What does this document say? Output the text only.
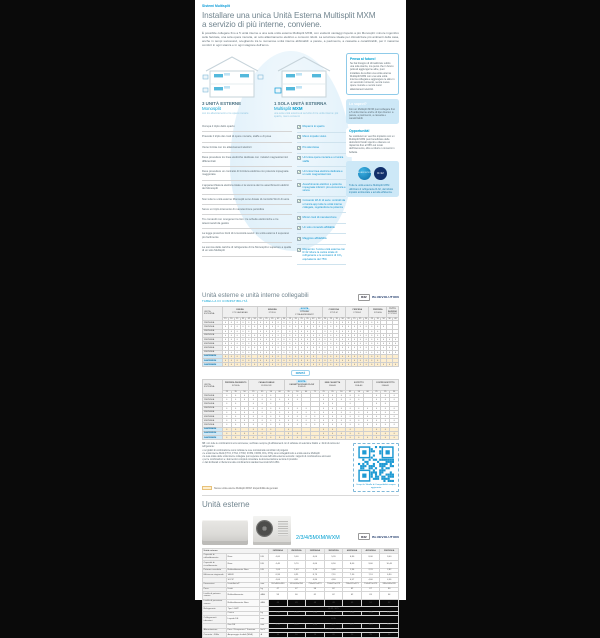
Sistemi Multisplit
Installare una unica Unità Esterna Multisplit MXM
a servizio di più interne, conviene.

È possibile collegare fino a 5 unità interne a una sola unità esterna Multisplit MXM, con evidenti vantaggi rispetto a più Monosplit: minore ingombro sulle facciate, una sola opera muraria, un solo allacciamento elettrico e consumi ridotti. La soluzione ideale per climatizzare più ambienti della casa, anche in tempi successivi, scegliendo tra le numerose unità interne abbinabili: a parete, a pavimento, a cassetta e canalizzabili, per il massimo comfort in ogni stanza e in ogni stagione dell'anno.

3 UNITÀ ESTERNE
Monosplit
con tre allacciamenti e tre opere murarie
1 SOLA UNITÀ ESTERNA
Multisplit MXM
una sola unità esterna al servizio di tre unità interne: più spazio, meno consumi
Occupa il triplo dello spazio
Prevede il triplo dei costi di opere murarie, staffe e di posa
Viene fornita con tre allacciamenti elettrici
Deve prevedere tre linee elettriche dedicate con i relativi magnetotermici differenziali
Deve prevedere un contratto di fornitura elettrica con potenza impegnata maggiorata
L'apparecchiatura elettrica totale è la somma dei tre assorbimenti elettrici dei Monosplit
Non tutte le unità esterne Monosplit sono dotate di controllo Wi-Fi di serie
Serve un triplo intervento di manutenzione periodica
Tre comandi non omogenei tra loro: tre schede elettroniche e tre telecomandi da gestire
La legge prescrive limiti di rumorosità severi: tre unità esterne li superano più facilmente
La somma delle cariche di refrigerante di tre Monosplit è superiore a quella di un solo Multisplit
✓ Risparmi lo spazio
✓ Meno impatto visivo
✓ Più silenziosa
✓ Un'unica opera muraria e un'unica staffa
✓ Un'unica linea elettrica dedicata e un solo magnetotermico
✓ Assorbimento elettrico e potenza impegnata inferiori: più economica e sicura
✓ Comando Wi-Fi di serie: controlli da un'unica app tutte le unità interne collegate, regolandone la potenza
✓ Minori costi di manutenzione
✓ Un solo comando affidabile
✓ Maggiore affidabilità
✓ Risparmio: l'unica unità esterna con R-32 riduce la carica totale di refrigerante e le emissioni di CO₂ equivalente del 75%
Pensa al futuro!

Se hai bisogno di climatizzare subito una sola stanza, ma pensi che in futuro potresti aggiungerne altre, puoi installare da subito una unità esterna Multisplit MXM con una sola unità interna collegata e aggiungere le altre in un secondo momento, senza nuove opere murarie e senza nuovi allacciamenti elettrici.

Lo sapevi?

Con un Multisplit MXM puoi collegare fino a 5 unità interne anche di tipo diverso: a parete, a pavimento, a cassetta e canalizzabili.

Opportunità!

Se sostituisci un vecchio impianto con un Multisplit MXM puoi beneficiare delle detrazioni fiscali vigenti e ottenere un risparmio fino al 65% sul costo dell'intervento, oltre a ridurre i consumi in bolletta.

BLUEVOLUTION R-32

Tutte le unità esterne Multisplit MXM utilizzano il refrigerante R-32, dal ridotto impatto ambientale e ad alta efficienza.

Unità esterne e unità interne collegabili
TABELLA DI COMPATIBILITÀ
R32	BLUEVOLUTION
UNITÀ ESTERNA	
EMURA
FTXJ-AW/AS/AB

SENSIRA
FTXF-E

NOVITÀ
STYLISH
FTXA-AW/BS/BB/BT

COMFORA
FTXP-M

PERFERA
FTXM-R

PERFERA
FVXM-A

TUTTO INVERNO
FTXTM-R

	15	20	25	35	42	50	20	25	35	42	50	15	20	25	35	42	50	20	25	35	50	20	25	35	50	25	35	50	30	40
2MXM40A	•	•	•	•	•	•	•	•	•	•	•	•	•	•	•	•	•	•	•	•	•	•	•	•	•	•	•			
2MXM50A	•	•	•	•	•	•	•	•	•	•	•	•	•	•	•	•	•	•	•	•	•	•	•	•	•	•	•	•		
3MXM40A	•	•	•	•	•		•	•	•	•		•	•	•	•	•		•	•	•	•	•	•	•		•	•			
3MXM52A	•	•	•	•	•	•	•	•	•	•	•	•	•	•	•	•	•	•	•	•	•	•	•	•	•	•	•	•	•	
3MXM68A	•	•	•	•	•	•	•	•	•	•	•	•	•	•	•	•	•	•	•	•	•	•	•	•	•	•	•	•	•	•
4MXM68A	•	•	•	•	•	•	•	•	•	•	•	•	•	•	•	•	•	•	•	•	•	•	•	•	•	•	•	•	•	•
4MXM80A	•	•	•	•	•	•	•	•	•	•	•	•	•	•	•	•	•	•	•	•	•	•	•	•	•	•	•	•	•	•
5MXM90A	•	•	•	•	•	•	•	•	•	•	•	•	•	•	•	•	•	•	•	•	•	•	•	•	•	•	•	•	•	•
2AMXM40M	•	•	•	•	•		•	•	•	•		•	•	•	•	•		•	•	•	•	•	•	•		•	•			
2AMXM50M	•	•	•	•	•	•	•	•	•	•	•	•	•	•	•	•	•	•	•	•	•	•	•	•	•	•	•			
3AMXM68M	•	•	•	•	•	•	•	•	•	•	•	•	•	•	•	•	•	•	•	•	•	•	•	•	•	•	•	•	•	•
NOVITÀ
UNITÀ ESTERNA	
PERFERA PAVIMENTO
FVXM-A

CANALIZZABILE
FDXM-F9/F

NOVITÀ
CASSETTA ROUND FLOW
FCAG-B

MINI CASSETTA
FFA-A9

SOFFITTO
FHA-A9

CONTROSOFFITTO
FNA-A9

	25	35	50	25	35	50	60	35	50	60	71	25	35	50	35	50	60	25	35	50
2MXM40A	•	•	•	•	•	•		•	•			•	•	•	•	•		•	•	•
2MXM50A	•	•	•	•	•	•	•	•	•			•	•	•	•	•		•	•	•
3MXM40A	•	•		•	•	•		•				•	•		•			•	•	
3MXM52A	•	•	•	•	•	•	•	•	•	•		•	•	•	•	•	•	•	•	•
3MXM68A	•	•	•	•	•	•	•	•	•	•	•	•	•	•	•	•	•	•	•	•
4MXM68A	•	•	•	•	•	•	•	•	•	•	•	•	•	•	•	•	•	•	•	•
4MXM80A	•	•	•	•	•	•	•	•	•	•	•	•	•	•	•	•	•	•	•	•
5MXM90A	•	•	•	•	•	•	•	•	•	•	•	•	•	•	•	•	•	•	•	•
2AMXM40M	•	•		•	•	•		•				•	•		•			•	•	
2AMXM50M	•	•	•	•	•	•		•	•			•	•	•	•	•		•	•	•
3AMXM68M	•	•	•	•	•	•	•	•	•	•	•	•	•	•	•	•	•	•	•	•
NB: non tutte le combinazioni sono ammesse; verificare sempre gli abbinamenti con il software di selezione Daikin e i limiti di carica del refrigerante:
• nei grafici di combinazione sono indicate le rese nominali alle condizioni di progetto
• le unità interne Multi (FTXJ, FTXA, FTXM, FVXM, FDXM, FFA, FHA) sono collegabili solo a unità esterne Multisplit
• la resa totale delle unità interne collegate può superare la resa dell'unità esterna secondo i rapporti di combinazione ammessi
• per le combinazioni e i dati tecnici completi consultare la documentazione tecnica di prodotto
• i dati dichiarati si riferiscono alle combinazioni standard secondo EN 14511
Scopri la Tabella di Compatibilità sempre aggiornata
Nuove unità esterne Multisplit MXM: disponibilità da gennaio
Unità esterne
2/3/4/5MXM/WXM	R32	BLUEVOLUTION
Unità esterna			2MXM40A	2MXM50A	3MXM40A	3MXM52A	4MXM68A	4MXM80A	5MXM90A
Capacità di raffreddamento	Nom.	kW	4,00	5,00	4,00	5,20	6,80	8,00	9,00
Capacità di riscaldamento	Nom.	kW	4,40	5,70	4,60	6,50	8,60	9,60	10,40
Potenza assorbita	Raffreddamento Nom.	kW	1,04	1,43	1,10	1,46	1,96	2,31	2,82
Efficienza stagionale	SEER		6,96	6,91	8,75	7,51	7,30	7,51	6,90
	SCOP		4,64	4,61	4,80	4,60	4,57	4,60	4,56
Dimensioni	Unità AxLxP	mm	552x840x350	552x840x350	734x870x373	734x870x373	734x870x373	734x870x373	990x940x320
Peso	Unità	kg	47	47	56	62	62	67	80
Livello di potenza sonora	Raffreddamento	dBA	59	60	61	62	62	63	64
Livello di pressione sonora	Raffreddamento Nom.	dBA	48	49	48	49	49	51	52
Refrigerante	Tipo / GWP		R-32 / 675						
	Carica	kg	1,30	1,30	1,50	1,80	1,80	1,95	2,30
Collegamenti tubazioni	Liquido DE	mm	6,35						
	Gas DE	mm	9,50	9,50	9,50	12,7	12,7	15,9	15,9
Alimentazione	Fase / Frequenza / Tensione	Hz/V	1~ / 50 / 220-240						
Corrente - 50Hz	Amperaggio fusibili (MFA)	A	16	16	16	20	20	25	32
